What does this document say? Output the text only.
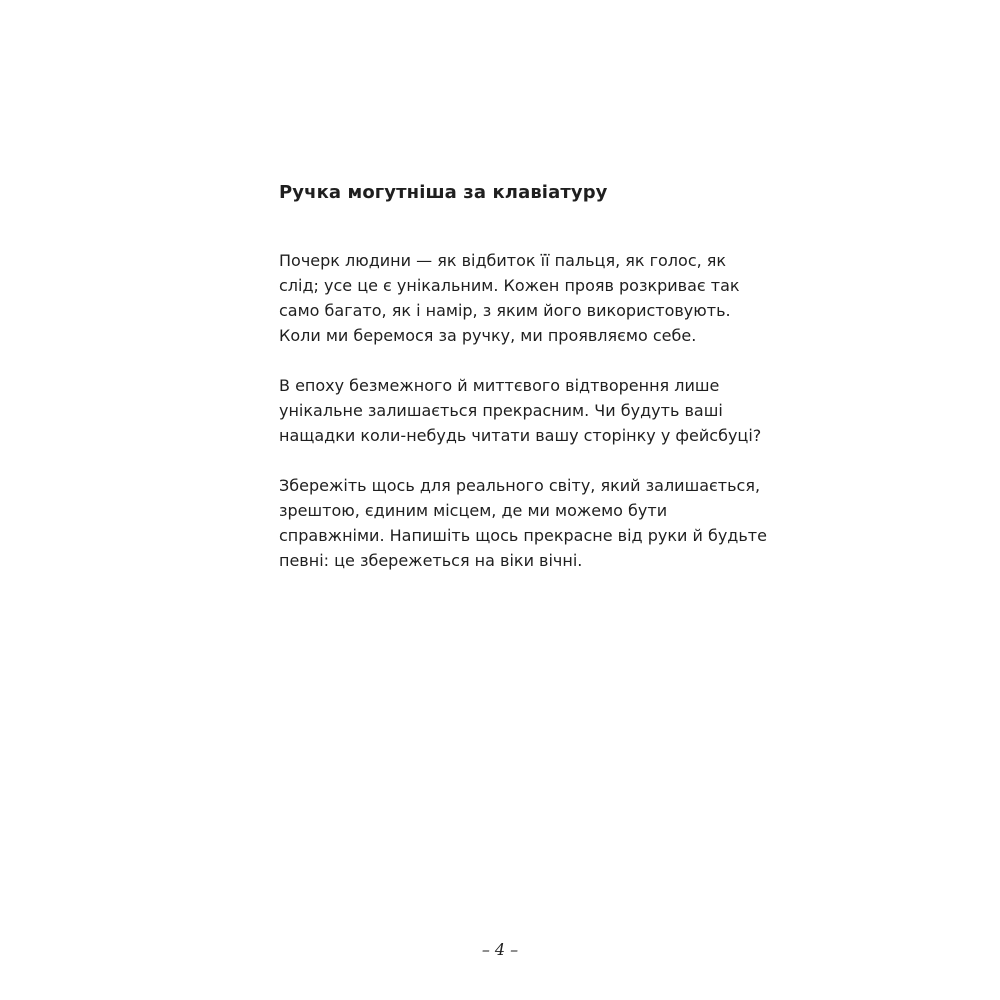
Ручка могутніша за клавіатуру
Почерк людини — як відбиток її пальця, як голос, як
слід; усе це є унікальним. Кожен прояв розкриває так
само багато, як і намір, з яким його використовують.
Коли ми беремося за ручку, ми проявляємо себе.
В епоху безмежного й миттєвого відтворення лише
унікальне залишається прекрасним. Чи будуть ваші
нащадки коли-небудь читати вашу сторінку у фейсбуці?
Збережіть щось для реального світу, який залишається,
зрештою, єдиним місцем, де ми можемо бути
справжніми. Напишіть щось прекрасне від руки й будьте
певні: це збережеться на віки вічні.
– 4 –
